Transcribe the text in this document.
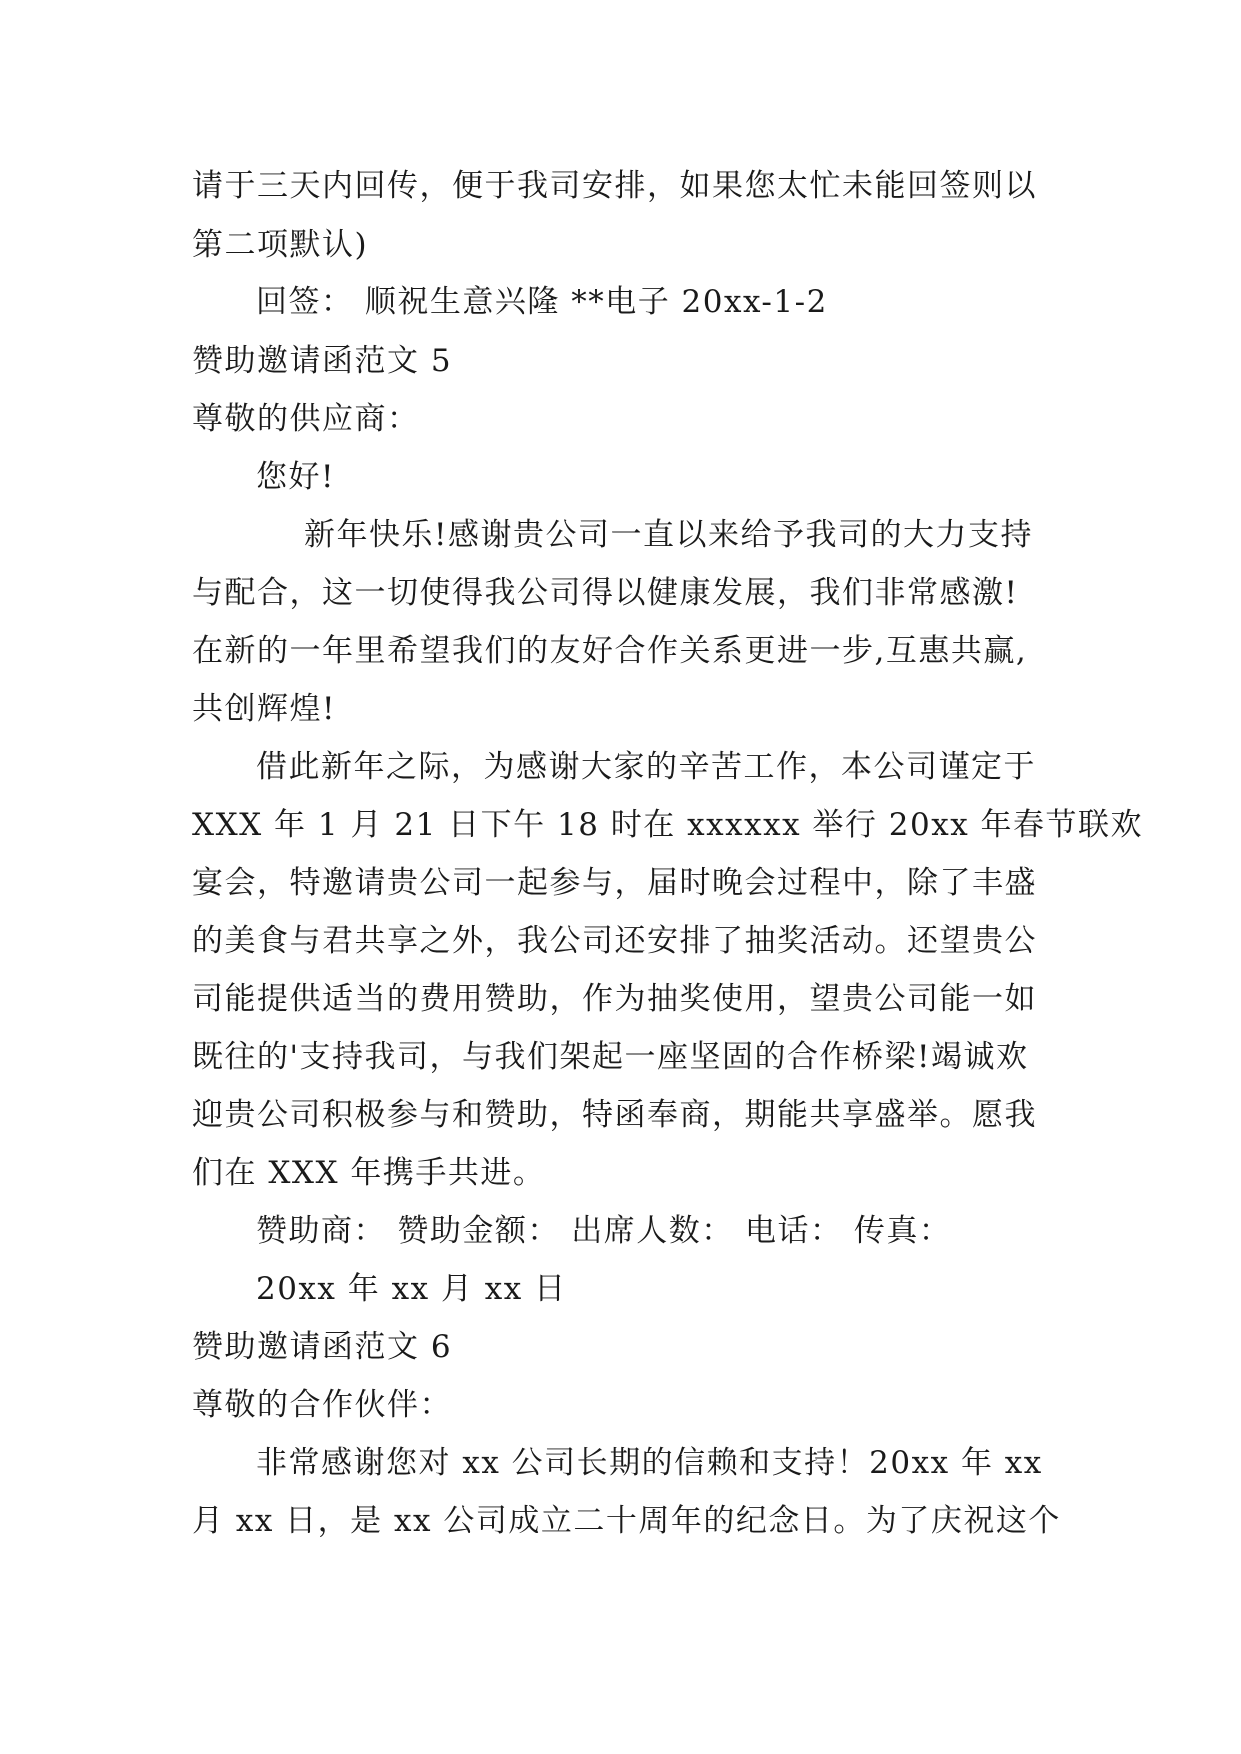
请于三天内回传，便于我司安排，如果您太忙未能回签则以
第二项默认)
回签： 顺祝生意兴隆 **电子 20xx-1-2
赞助邀请函范文 5
尊敬的供应商：
您好!
新年快乐!感谢贵公司一直以来给予我司的大力支持
与配合，这一切使得我公司得以健康发展，我们非常感激!
在新的一年里希望我们的友好合作关系更进一步,互惠共赢,
共创辉煌!
借此新年之际，为感谢大家的辛苦工作，本公司谨定于
XXX 年 1 月 21 日下午 18 时在 xxxxxx 举行 20xx 年春节联欢
宴会，特邀请贵公司一起参与，届时晚会过程中，除了丰盛
的美食与君共享之外，我公司还安排了抽奖活动。还望贵公
司能提供适当的费用赞助，作为抽奖使用，望贵公司能一如
既往的'支持我司，与我们架起一座坚固的合作桥梁!竭诚欢
迎贵公司积极参与和赞助，特函奉商，期能共享盛举。愿我
们在 XXX 年携手共进。
赞助商： 赞助金额： 出席人数： 电话： 传真：
20xx 年 xx 月 xx 日
赞助邀请函范文 6
尊敬的合作伙伴：
非常感谢您对 xx 公司长期的信赖和支持！20xx 年 xx
月 xx 日，是 xx 公司成立二十周年的纪念日。为了庆祝这个
